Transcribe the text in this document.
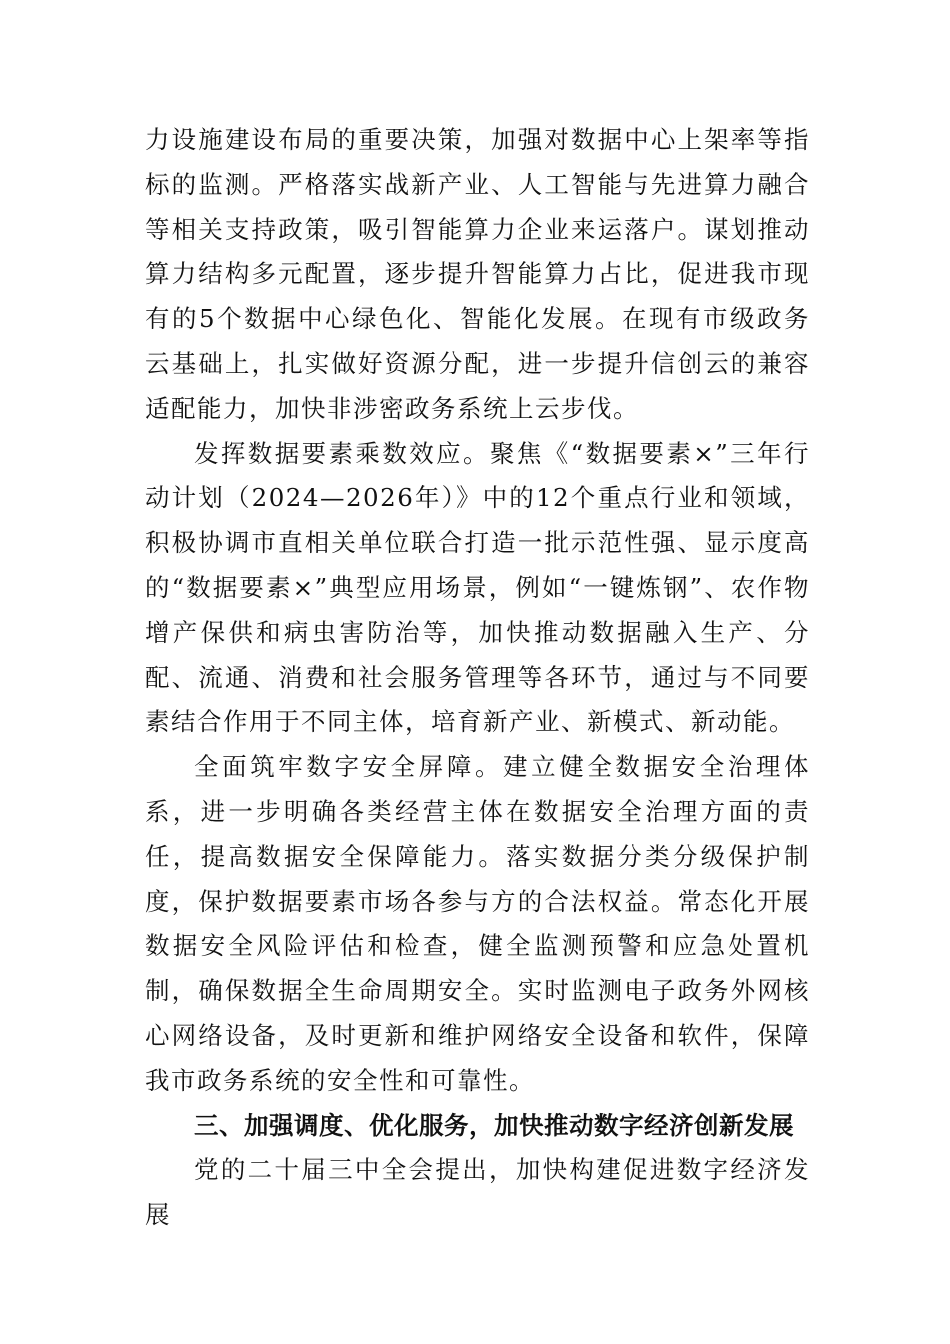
力设施建设布局的重要决策，加强对数据中心上架率等指标的监测。严格落实战新产业、人工智能与先进算力融合等相关支持政策，吸引智能算力企业来运落户。谋划推动算力结构多元配置，逐步提升智能算力占比，促进我市现有的5个数据中心绿色化、智能化发展。在现有市级政务云基础上，扎实做好资源分配，进一步提升信创云的兼容适配能力，加快非涉密政务系统上云步伐。

发挥数据要素乘数效应。聚焦《“数据要素×”三年行动计划（2024—2026年）》中的12个重点行业和领域，积极协调市直相关单位联合打造一批示范性强、显示度高的“数据要素×”典型应用场景，例如“一键炼钢”、农作物增产保供和病虫害防治等，加快推动数据融入生产、分配、流通、消费和社会服务管理等各环节，通过与不同要素结合作用于不同主体，培育新产业、新模式、新动能。

全面筑牢数字安全屏障。建立健全数据安全治理体系，进一步明确各类经营主体在数据安全治理方面的责任，提高数据安全保障能力。落实数据分类分级保护制度，保护数据要素市场各参与方的合法权益。常态化开展数据安全风险评估和检查，健全监测预警和应急处置机制，确保数据全生命周期安全。实时监测电子政务外网核心网络设备，及时更新和维护网络安全设备和软件，保障我市政务系统的安全性和可靠性。

三、加强调度、优化服务，加快推动数字经济创新发展

党的二十届三中全会提出，加快构建促进数字经济发展
